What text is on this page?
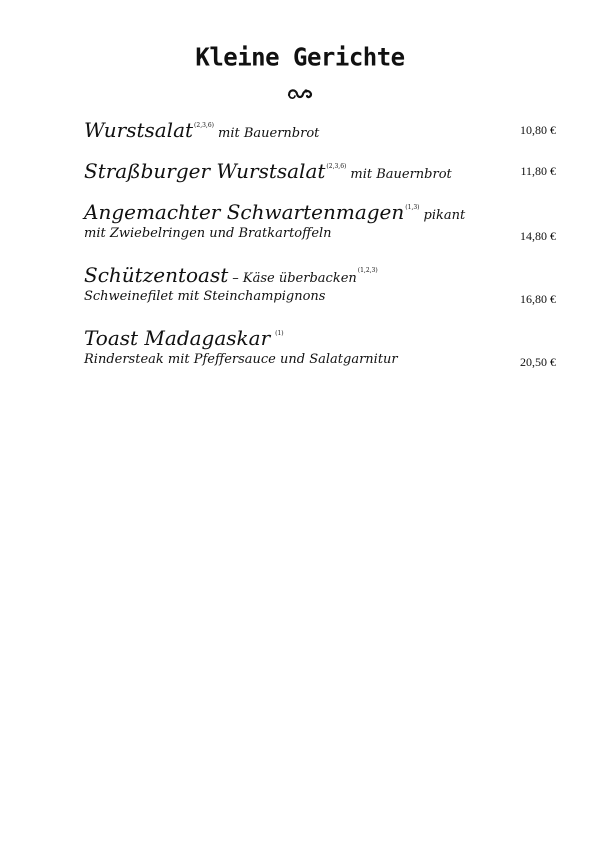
Kleine Gerichte
Wurstsalat$^{(2,3,6)}$ mit Bauernbrot	10,80 €
Straßburger Wurstsalat$^{(2,3,6)}$ mit Bauernbrot	11,80 €
Angemachter Schwartenmagen$^{(1,3)}$ pikant
mit Zwiebelringen und Bratkartoffeln	14,80 €
Schützentoast – Käse überbacken$^{(1,2,3)}$
Schweinefilet mit Steinchampignons	16,80 €
Toast Madagaskar $^{(1)}$
Rindersteak mit Pfeffersauce und Salatgarnitur	20,50 €
